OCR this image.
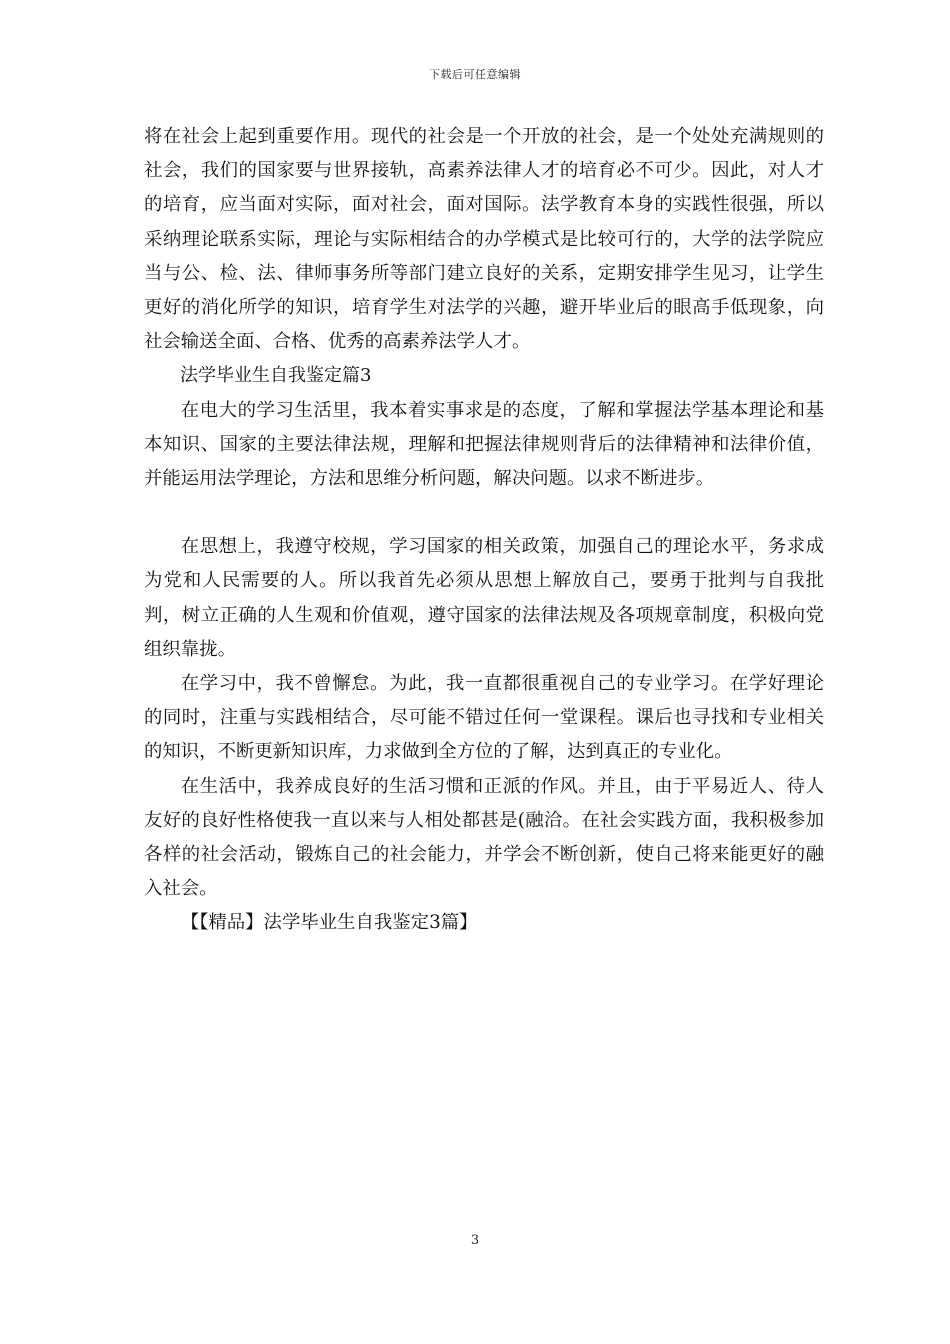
下载后可任意编辑

将在社会上起到重要作用。现代的社会是一个开放的社会，是一个处处充满规则的社会，我们的国家要与世界接轨，高素养法律人才的培育必不可少。因此，对人才的培育，应当面对实际，面对社会，面对国际。法学教育本身的实践性很强，所以采纳理论联系实际，理论与实际相结合的办学模式是比较可行的，大学的法学院应当与公、检、法、律师事务所等部门建立良好的关系，定期安排学生见习，让学生更好的消化所学的知识，培育学生对法学的兴趣，避开毕业后的眼高手低现象，向社会输送全面、合格、优秀的高素养法学人才。

法学毕业生自我鉴定篇3

在电大的学习生活里，我本着实事求是的态度，了解和掌握法学基本理论和基本知识、国家的主要法律法规，理解和把握法律规则背后的法律精神和法律价值，并能运用法学理论，方法和思维分析问题，解决问题。以求不断进步。

在思想上，我遵守校规，学习国家的相关政策，加强自己的理论水平，务求成为党和人民需要的人。所以我首先必须从思想上解放自己，要勇于批判与自我批判，树立正确的人生观和价值观，遵守国家的法律法规及各项规章制度，积极向党组织靠拢。

在学习中，我不曾懈怠。为此，我一直都很重视自己的专业学习。在学好理论的同时，注重与实践相结合，尽可能不错过任何一堂课程。课后也寻找和专业相关的知识，不断更新知识库，力求做到全方位的了解，达到真正的专业化。

在生活中，我养成良好的生活习惯和正派的作风。并且，由于平易近人、待人友好的良好性格使我一直以来与人相处都甚是(融洽。在社会实践方面，我积极参加各样的社会活动，锻炼自己的社会能力，并学会不断创新，使自己将来能更好的融入社会。

【【精品】法学毕业生自我鉴定3篇】

3
